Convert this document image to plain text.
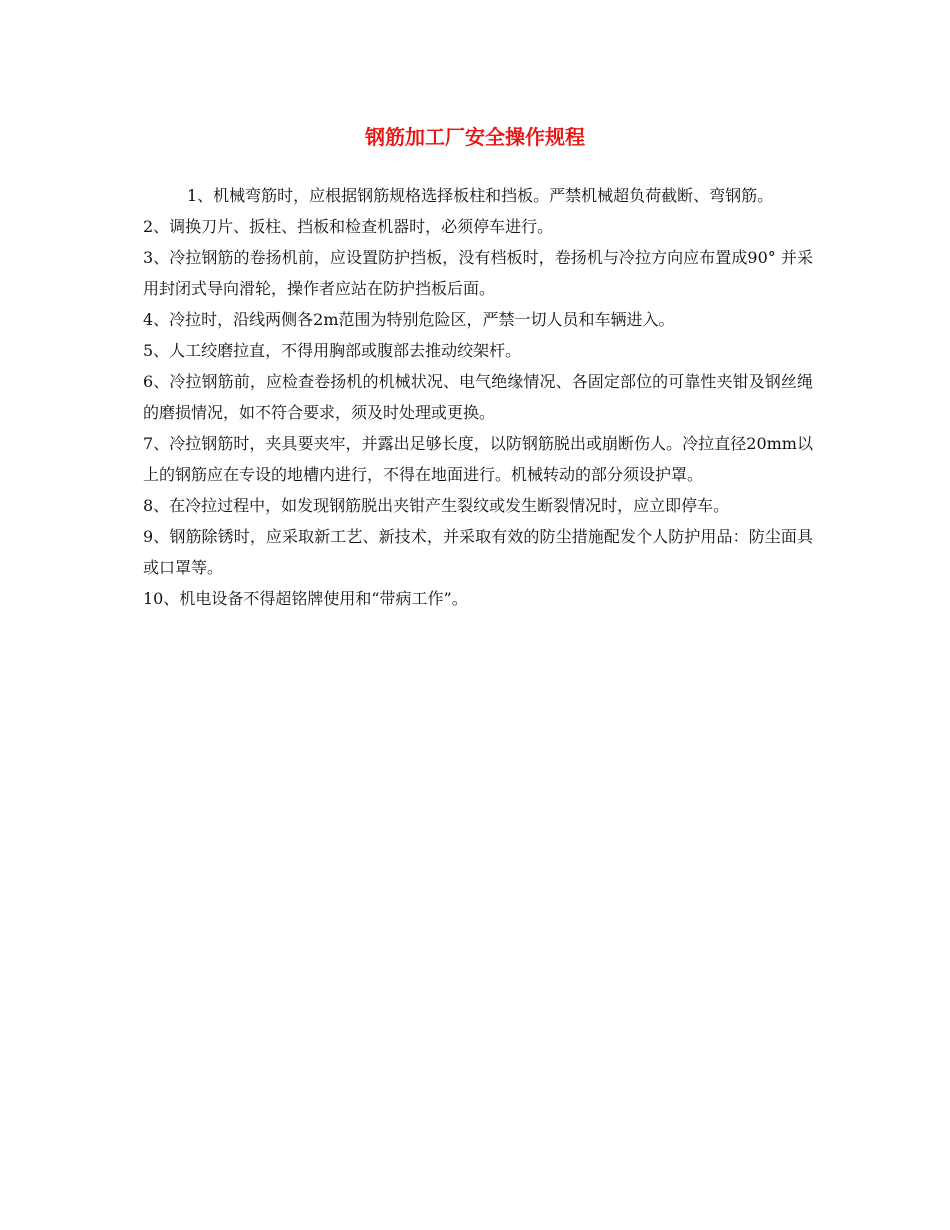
钢筋加工厂安全操作规程

1、机械弯筋时，应根据钢筋规格选择板柱和挡板。严禁机械超负荷截断、弯钢筋。

2、调换刀片、扳柱、挡板和检查机器时，必须停车进行。

3、冷拉钢筋的卷扬机前，应设置防护挡板，没有档板时，卷扬机与冷拉方向应布置成90° 并采用封闭式导向滑轮，操作者应站在防护挡板后面。

4、冷拉时，沿线两侧各2m范围为特别危险区，严禁一切人员和车辆进入。

5、人工绞磨拉直，不得用胸部或腹部去推动绞架杆。

6、冷拉钢筋前，应检查卷扬机的机械状况、电气绝缘情况、各固定部位的可靠性夹钳及钢丝绳的磨损情况，如不符合要求，须及时处理或更换。

7、冷拉钢筋时，夹具要夹牢，并露出足够长度，以防钢筋脱出或崩断伤人。冷拉直径20mm以上的钢筋应在专设的地槽内进行，不得在地面进行。机械转动的部分须设护罩。

8、在冷拉过程中，如发现钢筋脱出夹钳产生裂纹或发生断裂情况时，应立即停车。

9、钢筋除锈时，应采取新工艺、新技术，并采取有效的防尘措施配发个人防护用品：防尘面具或口罩等。

10、机电设备不得超铭牌使用和“带病工作”。
